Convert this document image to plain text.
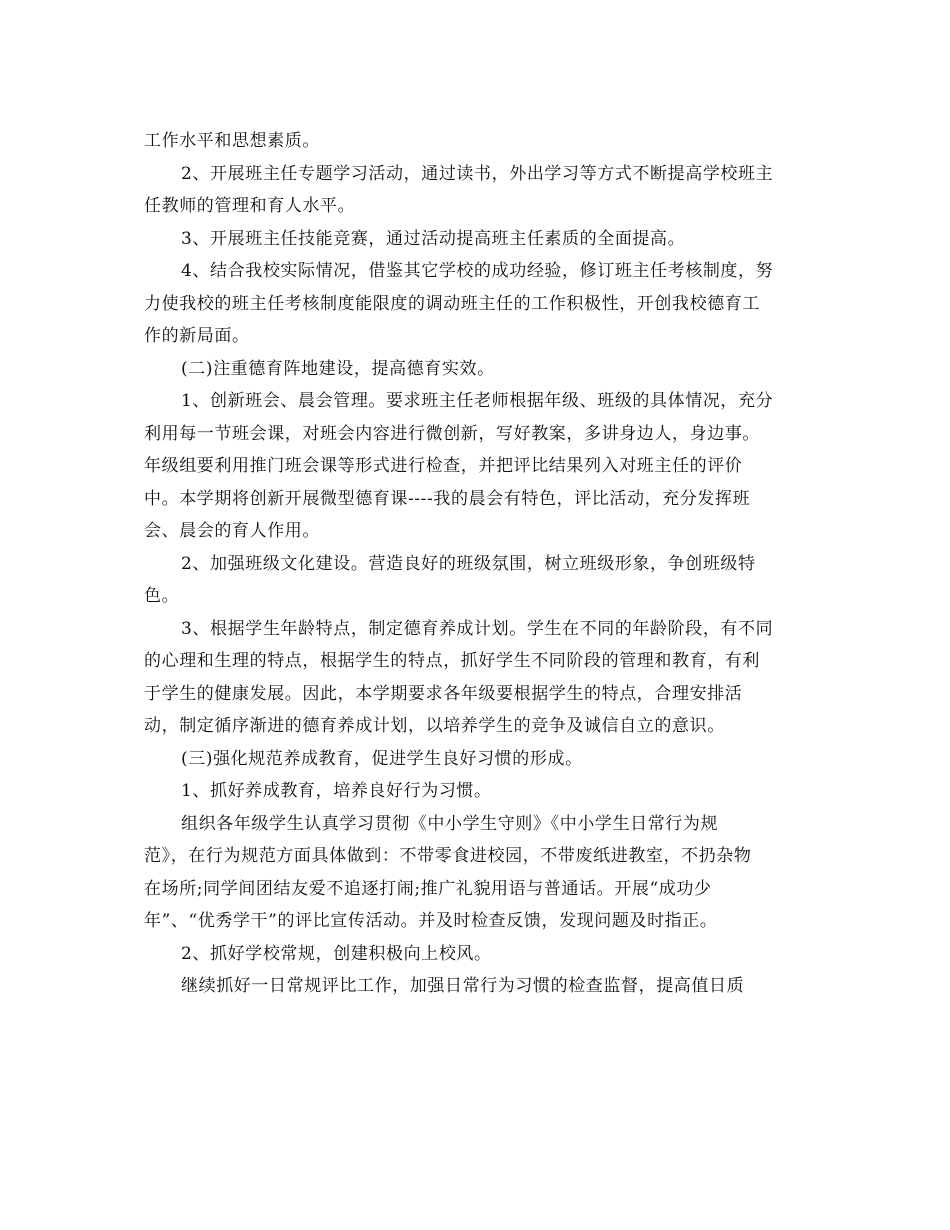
工作水平和思想素质。
2、开展班主任专题学习活动，通过读书，外出学习等方式不断提高学校班主
任教师的管理和育人水平。
3、开展班主任技能竞赛，通过活动提高班主任素质的全面提高。
4、结合我校实际情况，借鉴其它学校的成功经验，修订班主任考核制度，努
力使我校的班主任考核制度能限度的调动班主任的工作积极性，开创我校德育工
作的新局面。
(二)注重德育阵地建设，提高德育实效。
1、创新班会、晨会管理。要求班主任老师根据年级、班级的具体情况，充分
利用每一节班会课，对班会内容进行微创新，写好教案，多讲身边人，身边事。
年级组要利用推门班会课等形式进行检查，并把评比结果列入对班主任的评价
中。本学期将创新开展微型德育课----我的晨会有特色，评比活动，充分发挥班
会、晨会的育人作用。
2、加强班级文化建设。营造良好的班级氛围，树立班级形象，争创班级特
色。
3、根据学生年龄特点，制定德育养成计划。学生在不同的年龄阶段，有不同
的心理和生理的特点，根据学生的特点，抓好学生不同阶段的管理和教育，有利
于学生的健康发展。因此，本学期要求各年级要根据学生的特点，合理安排活
动，制定循序渐进的德育养成计划，以培养学生的竞争及诚信自立的意识。
(三)强化规范养成教育，促进学生良好习惯的形成。
1、抓好养成教育，培养良好行为习惯。
组织各年级学生认真学习贯彻《中小学生守则》《中小学生日常行为规
范》，在行为规范方面具体做到：不带零食进校园，不带废纸进教室，不扔杂物
在场所;同学间团结友爱不追逐打闹;推广礼貌用语与普通话。开展“成功少
年”、“优秀学干”的评比宣传活动。并及时检查反馈，发现问题及时指正。
2、抓好学校常规，创建积极向上校风。
继续抓好一日常规评比工作，加强日常行为习惯的检查监督，提高值日质
